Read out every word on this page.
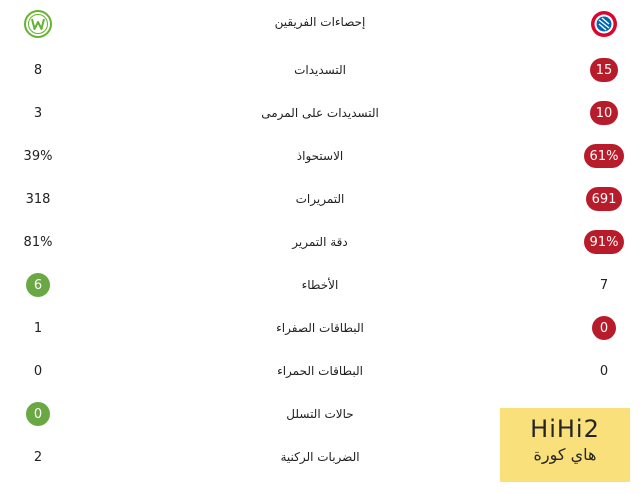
إحصاءات الفريقين
8	التسديدات	15
3	التسديدات على المرمى	10
39%	الاستحواذ	61%
318	التمريرات	691
81%	دقة التمرير	91%
6	الأخطاء	7
1	البطاقات الصفراء	0
0	البطاقات الحمراء	0
0	حالات التسلل
2	الضربات الركنية
HiHi2
هاي كورة
